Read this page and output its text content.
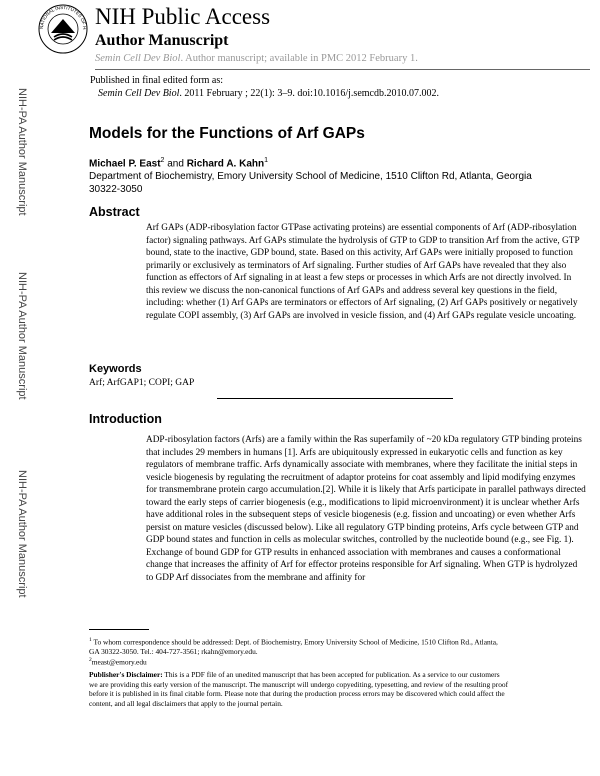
NIH-PA Author Manuscript
NIH-PA Author Manuscript
NIH-PA Author Manuscript
NATIONAL INSTITUTES OF H NIH Public Access
Author Manuscript
Semin Cell Dev Biol. Author manuscript; available in PMC 2012 February 1.
Published in final edited form as:
Semin Cell Dev Biol. 2011 February ; 22(1): 3–9. doi:10.1016/j.semcdb.2010.07.002.
Models for the Functions of Arf GAPs
Michael P. East$^2$ and Richard A. Kahn$^1$
Department of Biochemistry, Emory University School of Medicine, 1510 Clifton Rd, Atlanta, Georgia 30322-3050
Abstract
Arf GAPs (ADP-ribosylation factor GTPase activating proteins) are essential components of Arf (ADP-ribosylation factor) signaling pathways. Arf GAPs stimulate the hydrolysis of GTP to GDP to transition Arf from the active, GTP bound, state to the inactive, GDP bound, state. Based on this activity, Arf GAPs were initially proposed to function primarily or exclusively as terminators of Arf signaling. Further studies of Arf GAPs have revealed that they also function as effectors of Arf signaling in at least a few steps or processes in which Arfs are not directly involved. In this review we discuss the non-canonical functions of Arf GAPs and address several key questions in the field, including: whether (1) Arf GAPs are terminators or effectors of Arf signaling, (2) Arf GAPs positively or negatively regulate COPI assembly, (3) Arf GAPs are involved in vesicle fission, and (4) Arf GAPs regulate vesicle uncoating.
Keywords
Arf; ArfGAP1; COPI; GAP
Introduction
ADP-ribosylation factors (Arfs) are a family within the Ras superfamily of ~20 kDa regulatory GTP binding proteins that includes 29 members in humans [1]. Arfs are ubiquitously expressed in eukaryotic cells and function as key regulators of membrane traffic. Arfs dynamically associate with membranes, where they facilitate the initial steps in vesicle biogenesis by regulating the recruitment of adaptor proteins for coat assembly and lipid modifying enzymes for transmembrane protein cargo accumulation.[2]. While it is likely that Arfs participate in parallel pathways directed toward the early steps of carrier biogenesis (e.g., modifications to lipid microenvironment) it is unclear whether Arfs have additional roles in the subsequent steps of vesicle biogenesis (e.g. fission and uncoating) or even whether Arfs persist on mature vesicles (discussed below). Like all regulatory GTP binding proteins, Arfs cycle between GTP and GDP bound states and function in cells as molecular switches, controlled by the nucleotide bound (e.g., see Fig. 1). Exchange of bound GDP for GTP results in enhanced association with membranes and causes a conformational change that increases the affinity of Arf for effector proteins responsible for Arf signaling. When GTP is hydrolyzed to GDP Arf dissociates from the membrane and affinity for
$^1$ To whom correspondence should be addressed: Dept. of Biochemistry, Emory University School of Medicine, 1510 Clifton Rd., Atlanta, GA 30322-3050. Tel.: 404-727-3561; rkahn@emory.edu.
$^2$meast@emory.edu
Publisher's Disclaimer: This is a PDF file of an unedited manuscript that has been accepted for publication. As a service to our customers we are providing this early version of the manuscript. The manuscript will undergo copyediting, typesetting, and review of the resulting proof before it is published in its final citable form. Please note that during the production process errors may be discovered which could affect the content, and all legal disclaimers that apply to the journal pertain.
